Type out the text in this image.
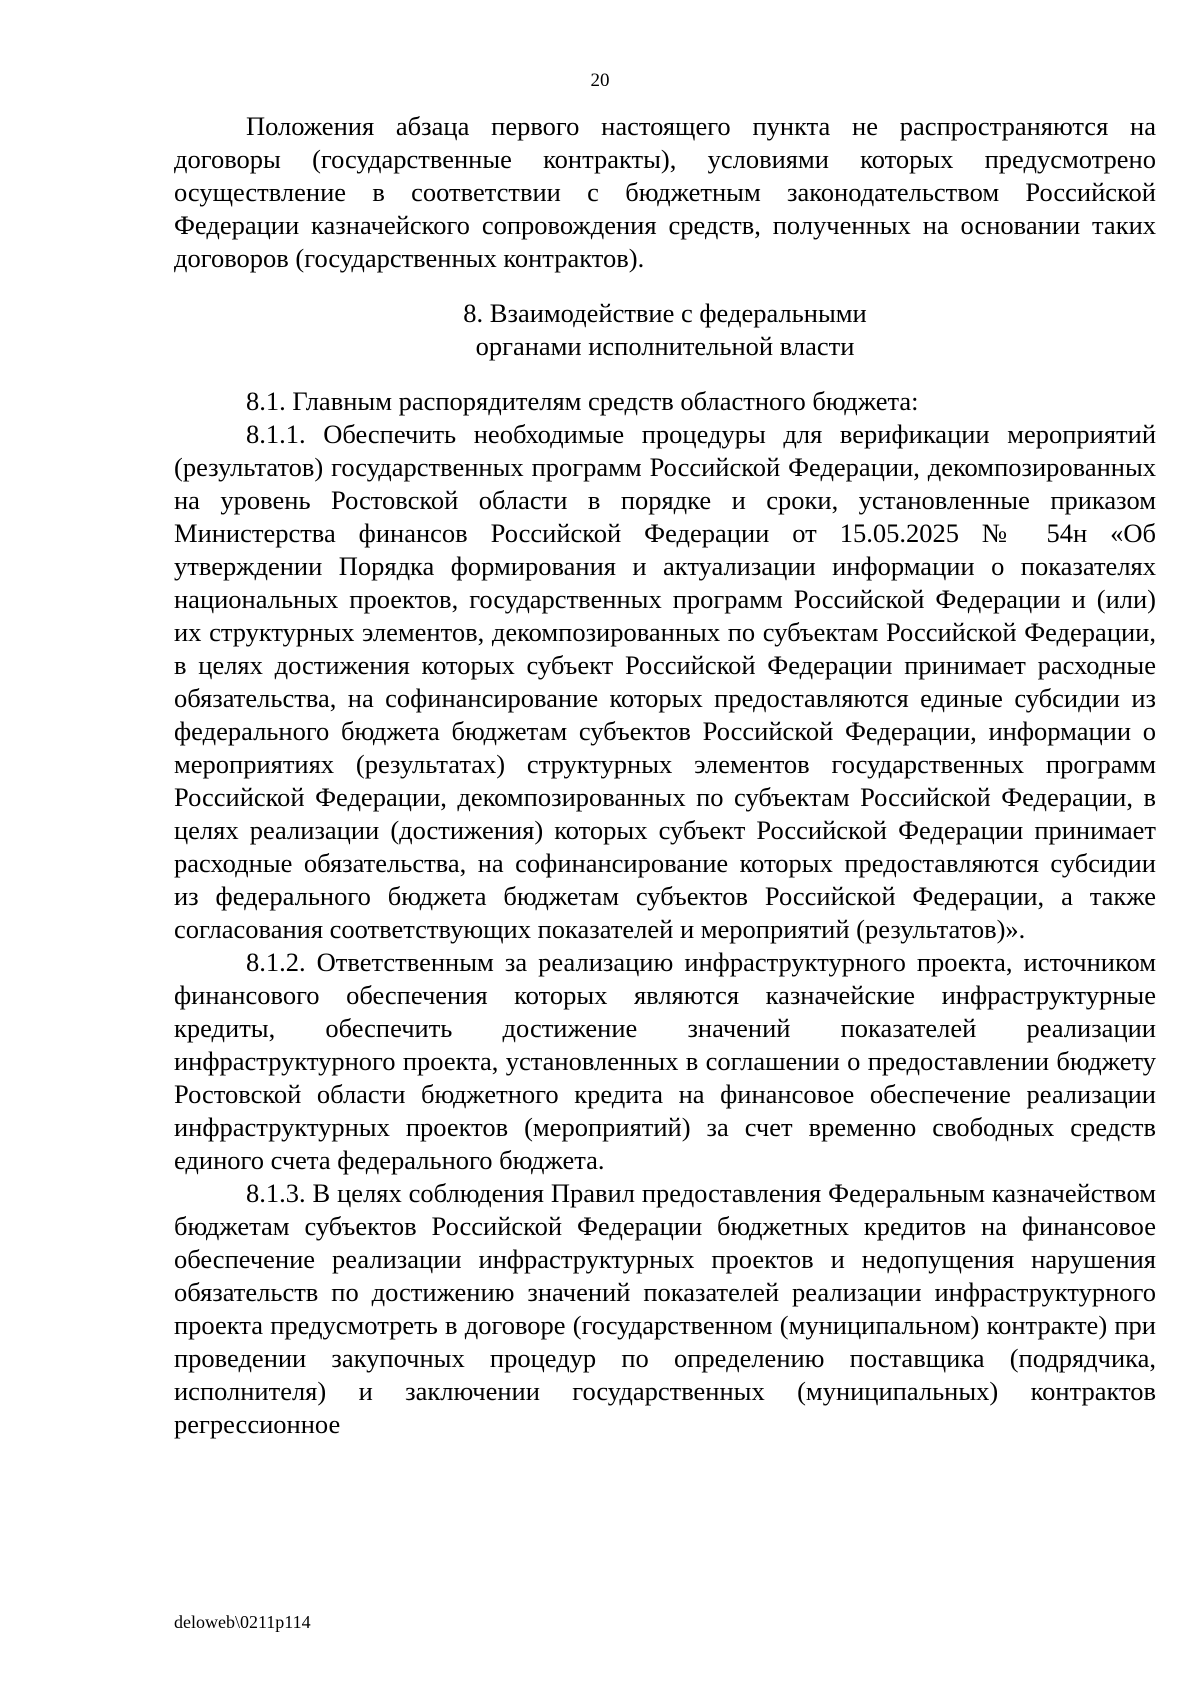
20

Положения абзаца первого настоящего пункта не распространяются на договоры (государственные контракты), условиями которых предусмотрено осуществление в соответствии с бюджетным законодательством Российской Федерации казначейского сопровождения средств, полученных на основании таких договоров (государственных контрактов).

8. Взаимодействие с федеральными
органами исполнительной власти

8.1. Главным распорядителям средств областного бюджета:

8.1.1. Обеспечить необходимые процедуры для верификации мероприятий (результатов) государственных программ Российской Федерации, декомпозированных на уровень Ростовской области в порядке и сроки, установленные приказом Министерства финансов Российской Федерации от 15.05.2025 № 54н «Об утверждении Порядка формирования и актуализации информации о показателях национальных проектов, государственных программ Российской Федерации и (или) их структурных элементов, декомпозированных по субъектам Российской Федерации, в целях достижения которых субъект Российской Федерации принимает расходные обязательства, на софинансирование которых предоставляются единые субсидии из федерального бюджета бюджетам субъектов Российской Федерации, информации о мероприятиях (результатах) структурных элементов государственных программ Российской Федерации, декомпозированных по субъектам Российской Федерации, в целях реализации (достижения) которых субъект Российской Федерации принимает расходные обязательства, на софинансирование которых предоставляются субсидии из федерального бюджета бюджетам субъектов Российской Федерации, а также согласования соответствующих показателей и мероприятий (результатов)».

8.1.2. Ответственным за реализацию инфраструктурного проекта, источником финансового обеспечения которых являются казначейские инфраструктурные кредиты, обеспечить достижение значений показателей реализации инфраструктурного проекта, установленных в соглашении о предоставлении бюджету Ростовской области бюджетного кредита на финансовое обеспечение реализации инфраструктурных проектов (мероприятий) за счет временно свободных средств единого счета федерального бюджета.

8.1.3. В целях соблюдения Правил предоставления Федеральным казначейством бюджетам субъектов Российской Федерации бюджетных кредитов на финансовое обеспечение реализации инфраструктурных проектов и недопущения нарушения обязательств по достижению значений показателей реализации инфраструктурного проекта предусмотреть в договоре (государственном (муниципальном) контракте) при проведении закупочных процедур по определению поставщика (подрядчика, исполнителя) и заключении государственных (муниципальных) контрактов регрессионное

deloweb\0211p114
